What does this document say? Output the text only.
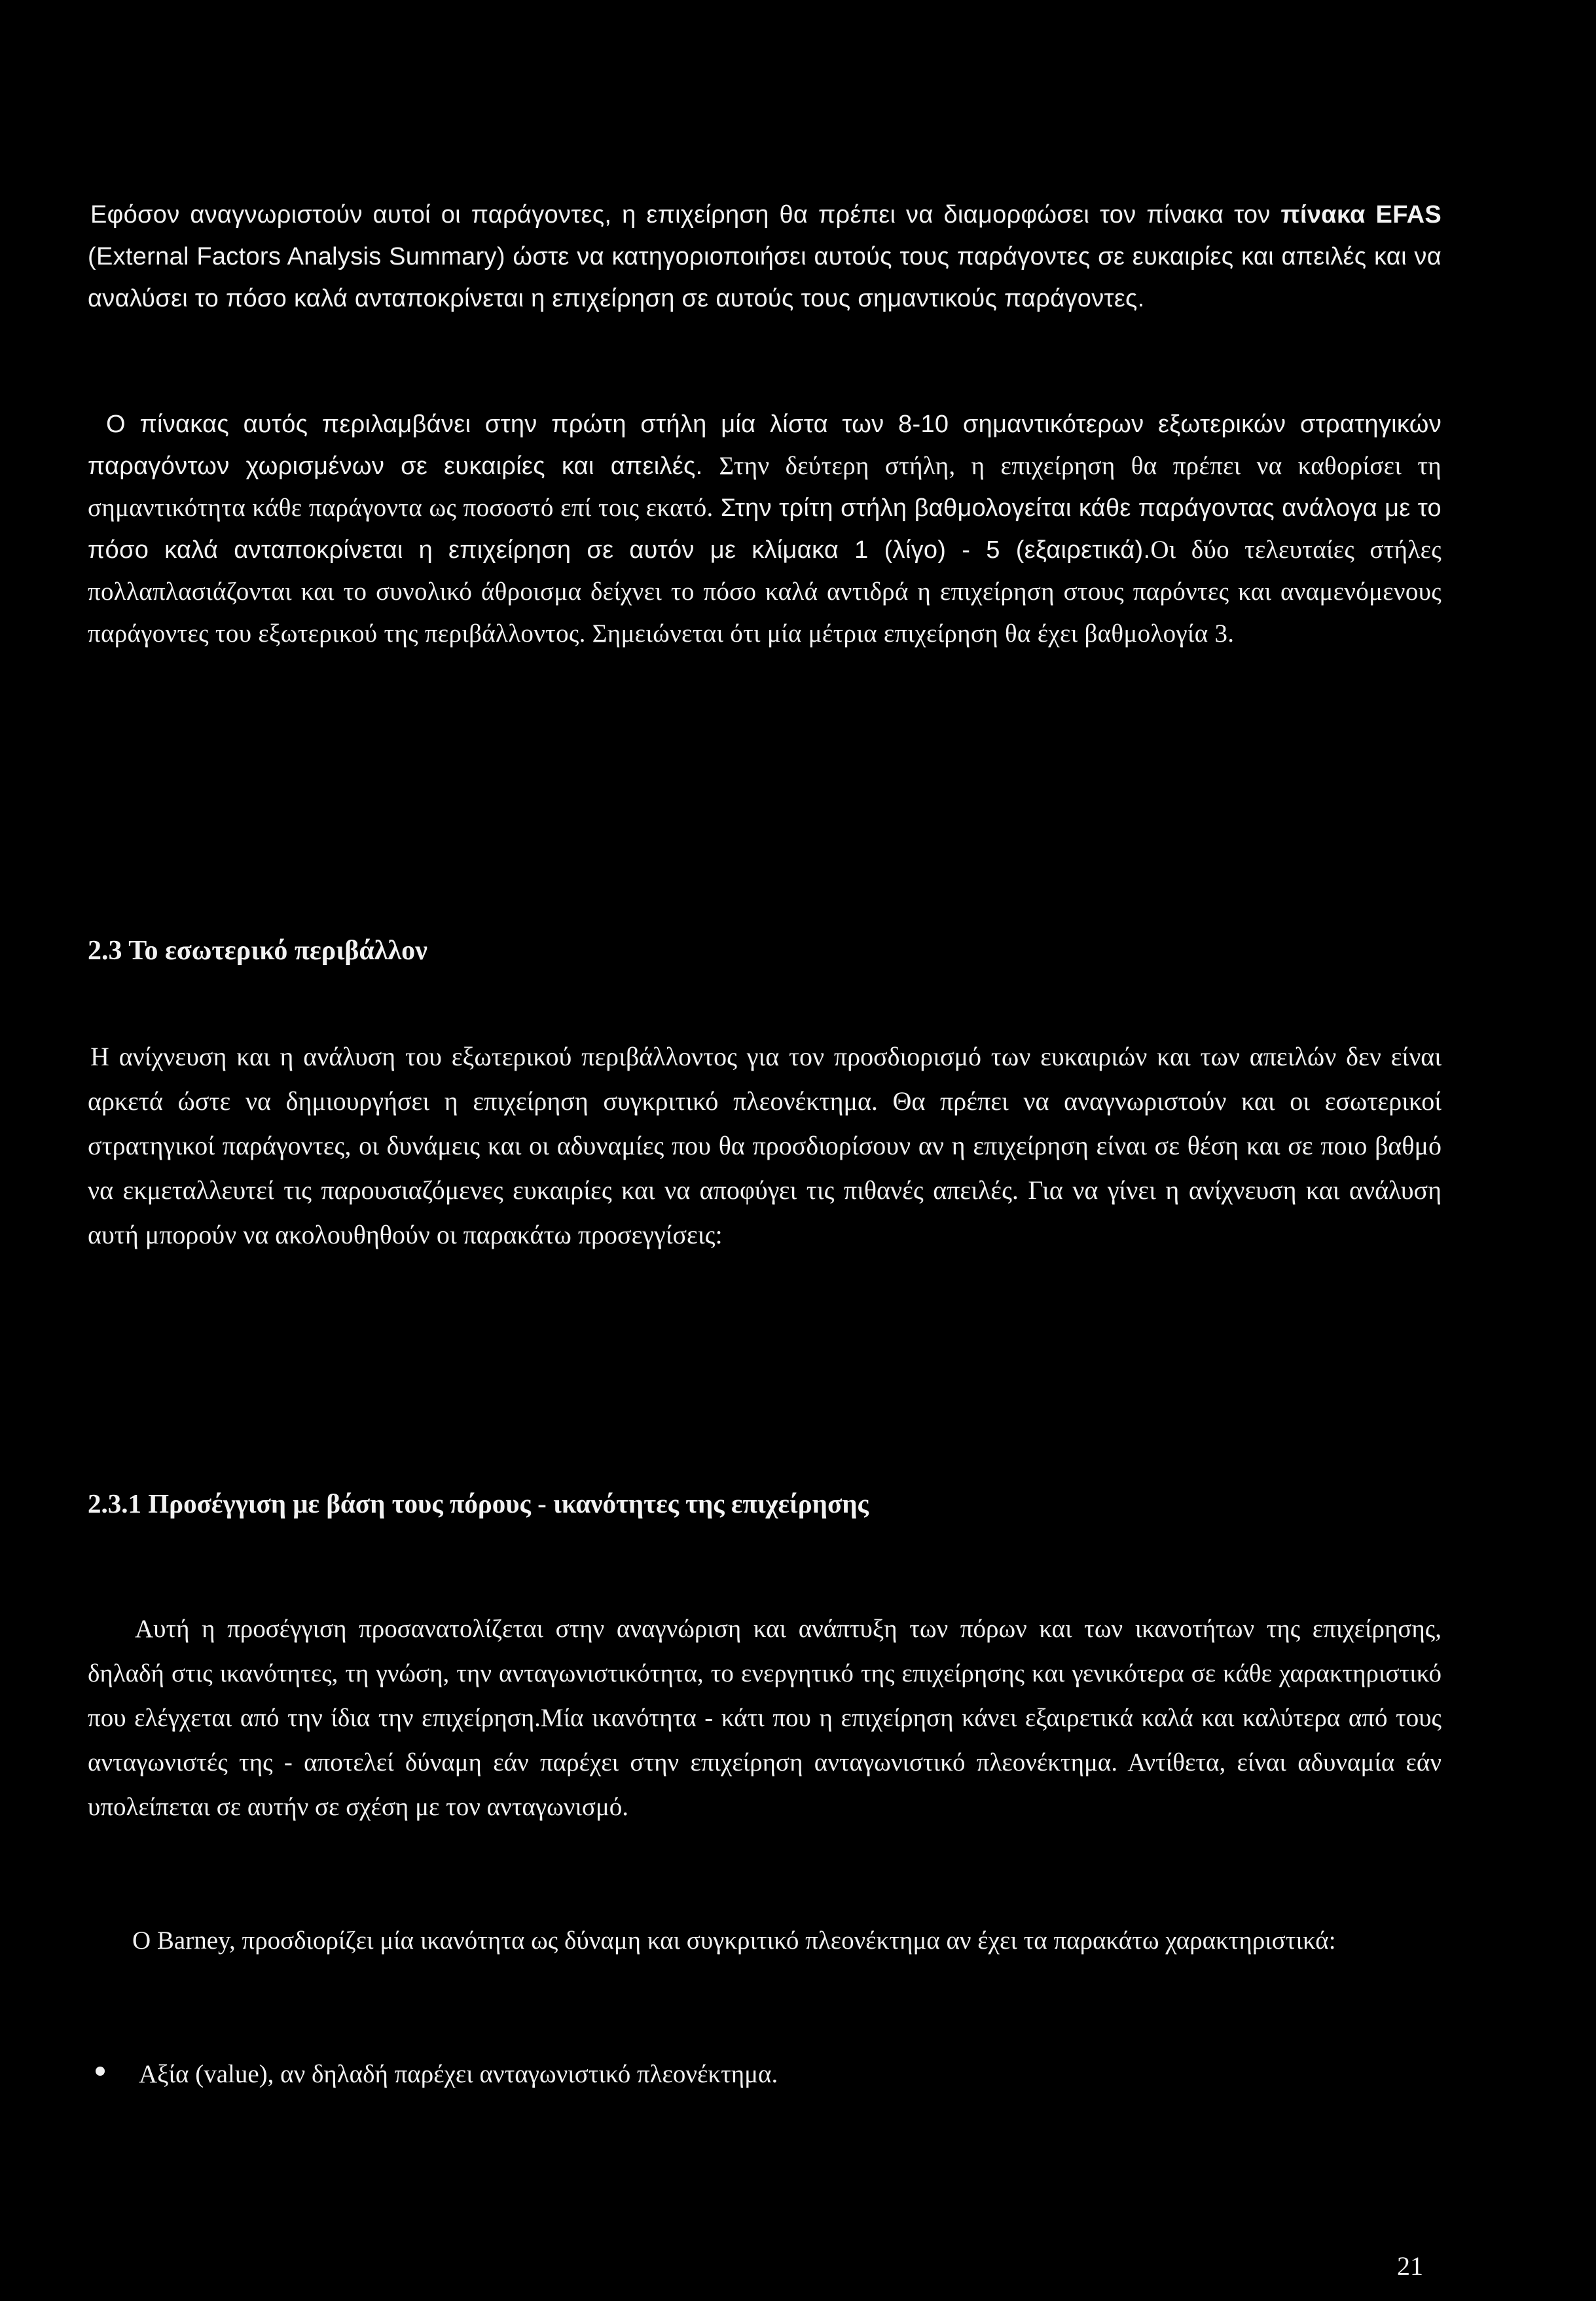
Εφόσον αναγνωριστούν αυτοί οι παράγοντες, η επιχείρηση θα πρέπει να διαμορφώσει τον πίνακα τον πίνακα EFAS (External Factors Analysis Summary) ώστε να κατηγοριοποιήσει αυτούς τους παράγοντες σε ευκαιρίες και απειλές και να αναλύσει το πόσο καλά ανταποκρίνεται η επιχείρηση σε αυτούς τους σημαντικούς παράγοντες.

Ο πίνακας αυτός περιλαμβάνει στην πρώτη στήλη μία λίστα των 8-10 σημαντικότερων εξωτερικών στρατηγικών παραγόντων χωρισμένων σε ευκαιρίες και απειλές. Στην δεύτερη στήλη, η επιχείρηση θα πρέπει να καθορίσει τη σημαντικότητα κάθε παράγοντα ως ποσοστό επί τοις εκατό. Στην τρίτη στήλη βαθμολογείται κάθε παράγοντας ανάλογα με το πόσο καλά ανταποκρίνεται η επιχείρηση σε αυτόν με κλίμακα 1 (λίγο) - 5 (εξαιρετικά).Οι δύο τελευταίες στήλες πολλαπλασιάζονται και το συνολικό άθροισμα δείχνει το πόσο καλά αντιδρά η επιχείρηση στους παρόντες και αναμενόμενους παράγοντες του εξωτερικού της περιβάλλοντος. Σημειώνεται ότι μία μέτρια επιχείρηση θα έχει βαθμολογία 3.

2.3 Το εσωτερικό περιβάλλον

Η ανίχνευση και η ανάλυση του εξωτερικού περιβάλλοντος για τον προσδιορισμό των ευκαιριών και των απειλών δεν είναι αρκετά ώστε να δημιουργήσει η επιχείρηση συγκριτικό πλεονέκτημα. Θα πρέπει να αναγνωριστούν και οι εσωτερικοί στρατηγικοί παράγοντες, οι δυνάμεις και οι αδυναμίες που θα προσδιορίσουν αν η επιχείρηση είναι σε θέση και σε ποιο βαθμό να εκμεταλλευτεί τις παρουσιαζόμενες ευκαιρίες και να αποφύγει τις πιθανές απειλές. Για να γίνει η ανίχνευση και ανάλυση αυτή μπορούν να ακολουθηθούν οι παρακάτω προσεγγίσεις:

2.3.1 Προσέγγιση με βάση τους πόρους - ικανότητες της επιχείρησης

Αυτή η προσέγγιση προσανατολίζεται στην αναγνώριση και ανάπτυξη των πόρων και των ικανοτήτων της επιχείρησης, δηλαδή στις ικανότητες, τη γνώση, την ανταγωνιστικότητα, το ενεργητικό της επιχείρησης και γενικότερα σε κάθε χαρακτηριστικό που ελέγχεται από την ίδια την επιχείρηση.Μία ικανότητα - κάτι που η επιχείρηση κάνει εξαιρετικά καλά και καλύτερα από τους ανταγωνιστές της - αποτελεί δύναμη εάν παρέχει στην επιχείρηση ανταγωνιστικό πλεονέκτημα. Αντίθετα, είναι αδυναμία εάν υπολείπεται σε αυτήν σε σχέση με τον ανταγωνισμό.

Ο Barney, προσδιορίζει μία ικανότητα ως δύναμη και συγκριτικό πλεονέκτημα αν έχει τα παρακάτω χαρακτηριστικά:

Αξία (value), αν δηλαδή παρέχει ανταγωνιστικό πλεονέκτημα.
21
